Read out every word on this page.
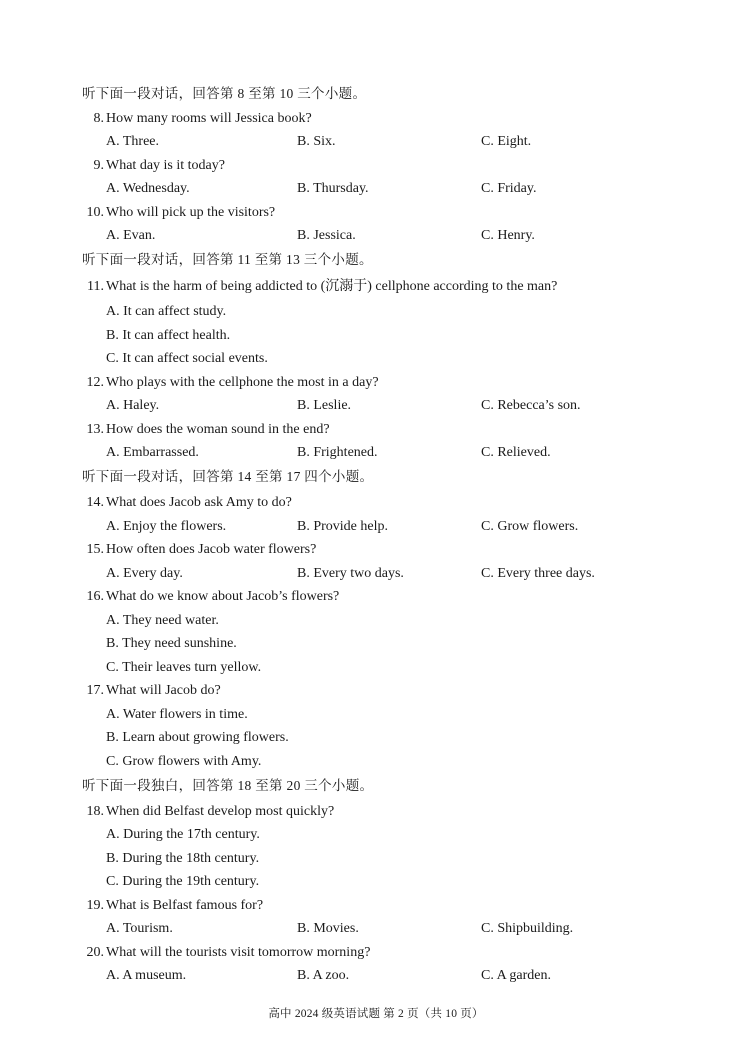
听下面一段对话，回答第 8 至第 10 三个小题。
8. How many rooms will Jessica book?
A. Three.	B. Six.	C. Eight.
9. What day is it today?
A. Wednesday.	B. Thursday.	C. Friday.
10. Who will pick up the visitors?
A. Evan.	B. Jessica.	C. Henry.
听下面一段对话，回答第 11 至第 13 三个小题。
11. What is the harm of being addicted to (沉溺于) cellphone according to the man?
A. It can affect study.
B. It can affect health.
C. It can affect social events.
12. Who plays with the cellphone the most in a day?
A. Haley.	B. Leslie.	C. Rebecca’s son.
13. How does the woman sound in the end?
A. Embarrassed.	B. Frightened.	C. Relieved.
听下面一段对话，回答第 14 至第 17 四个小题。
14. What does Jacob ask Amy to do?
A. Enjoy the flowers.	B. Provide help.	C. Grow flowers.
15. How often does Jacob water flowers?
A. Every day.	B. Every two days.	C. Every three days.
16. What do we know about Jacob’s flowers?
A. They need water.
B. They need sunshine.
C. Their leaves turn yellow.
17. What will Jacob do?
A. Water flowers in time.
B. Learn about growing flowers.
C. Grow flowers with Amy.
听下面一段独白，回答第 18 至第 20 三个小题。
18. When did Belfast develop most quickly?
A. During the 17th century.
B. During the 18th century.
C. During the 19th century.
19. What is Belfast famous for?
A. Tourism.	B. Movies.	C. Shipbuilding.
20. What will the tourists visit tomorrow morning?
A. A museum.	B. A zoo.	C. A garden.
高中 2024 级英语试题 第 2 页（共 10 页）
